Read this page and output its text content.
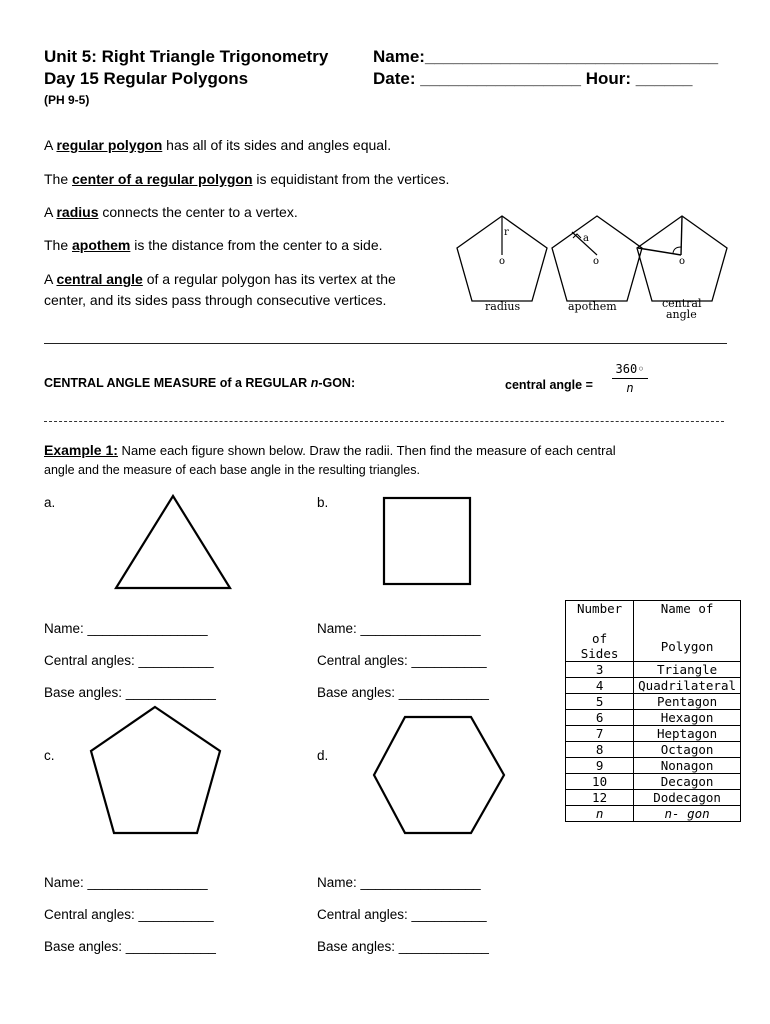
Unit 5: Right Triangle Trigonometry
Day 15 Regular Polygons
(PH 9-5)
Name:_______________________________
Date: _________________ Hour: ______
A regular polygon has all of its sides and angles equal.
The center of a regular polygon is equidistant from the vertices.
A radius connects the center to a vertex.
The apothem is the distance from the center to a side.
A central angle of a regular polygon has its vertex at the
center, and its sides pass through consecutive vertices.
r
o
radius
a
o
apothem
o
central
angle
CENTRAL ANGLE MEASURE of a REGULAR n-GON:	central angle = $\frac{360◦}{n}$
Example 1: Name each figure shown below. Draw the radii. Then find the measure of each central
angle and the measure of each base angle in the resulting triangles.
a.	b.
Name: ________________
Central angles: __________
Base angles: ____________
Name: ________________
Central angles: __________
Base angles: ____________
c.	d.
Name: ________________
Central angles: __________
Base angles: ____________
Name: ________________
Central angles: __________
Base angles: ____________
Number	Name of
of Sides	Polygon
3	Triangle
4	Quadrilateral
5	Pentagon
6	Hexagon
7	Heptagon
8	Octagon
9	Nonagon
10	Decagon
12	Dodecagon
n	n- gon
